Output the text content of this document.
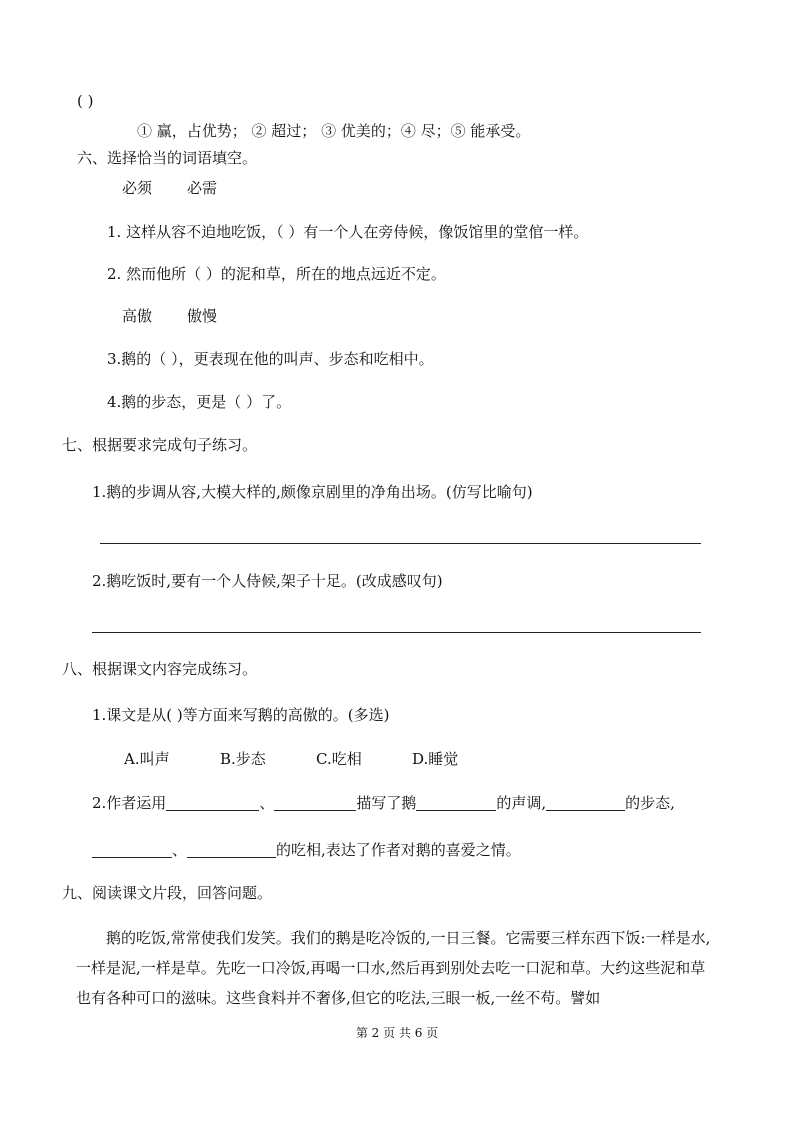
( )
① 赢，占优势； ② 超过； ③ 优美的；④ 尽；⑤ 能承受。
六、选择恰当的词语填空。
必须 必需
1. 这样从容不迫地吃饭，（ ）有一个人在旁侍候，像饭馆里的堂倌一样。
2. 然而他所（ ）的泥和草，所在的地点远近不定。
高傲 傲慢
3.鹅的（ ），更表现在他的叫声、步态和吃相中。
4.鹅的步态，更是（ ）了。
七、根据要求完成句子练习。
1.鹅的步调从容,大模大样的,颇像京剧里的净角出场。(仿写比喻句)
2.鹅吃饭时,要有一个人侍候,架子十足。(改成感叹句)
八、根据课文内容完成练习。
1.课文是从( )等方面来写鹅的高傲的。(多选)
A.叫声	B.步态	C.吃相	D.睡觉
2.作者运用	、	描写了鹅	的声调,	的步态,
、	的吃相,表达了作者对鹅的喜爱之情。
九、阅读课文片段，回答问题。
鹅的吃饭,常常使我们发笑。我们的鹅是吃冷饭的,一日三餐。它需要三样东西下饭:一样是水,一样是泥,一样是草。先吃一口冷饭,再喝一口水,然后再到别处去吃一口泥和草。大约这些泥和草也有各种可口的滋味。这些食料并不奢侈,但它的吃法,三眼一板,一丝不苟。譬如
第 2 页 共 6 页
